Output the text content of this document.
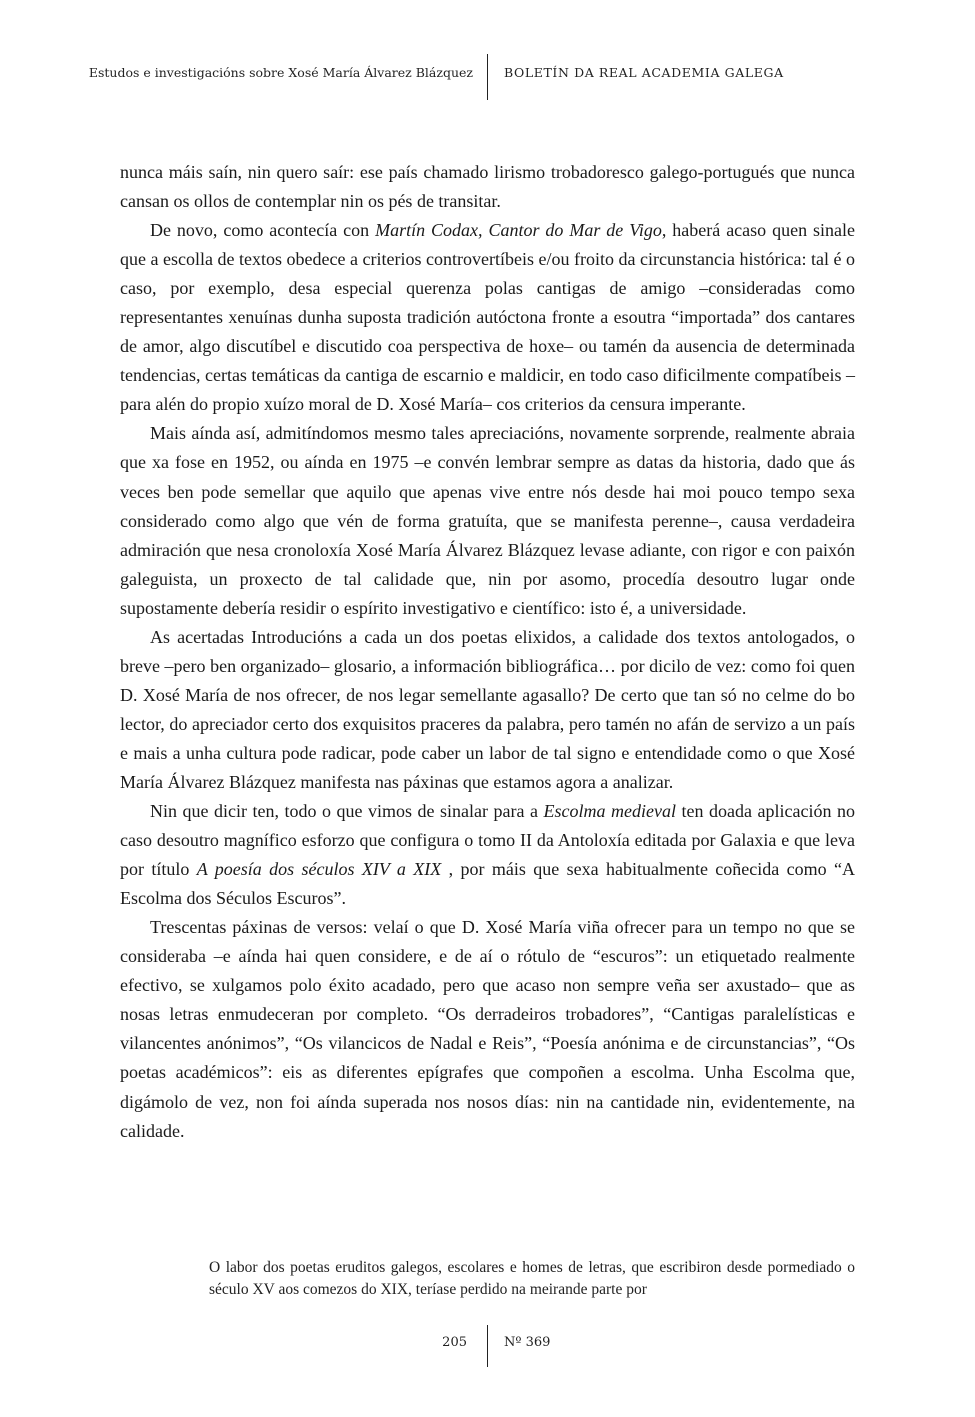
Estudos e investigacións sobre Xosé María Álvarez Blázquez BOLETÍN DA REAL ACADEMIA GALEGA

nunca máis saín, nin quero saír: ese país chamado lirismo trobadoresco galego-portugués que nunca cansan os ollos de contemplar nin os pés de transitar.

De novo, como acontecía con Martín Codax, Cantor do Mar de Vigo, haberá acaso quen sinale que a escolla de textos obedece a criterios controvertíbeis e/ou froito da circunstancia histórica: tal é o caso, por exemplo, desa especial querenza polas cantigas de amigo –consideradas como representantes xenuínas dunha suposta tradición autóctona fronte a esoutra “importada” dos cantares de amor, algo discutíbel e discutido coa perspectiva de hoxe– ou tamén da ausencia de determinada tendencias, certas temáticas da cantiga de escarnio e maldicir, en todo caso dificilmente compatíbeis –para alén do propio xuízo moral de D. Xosé María– cos criterios da censura imperante.

Mais aínda así, admitíndomos mesmo tales apreciacións, novamente sorprende, realmente abraia que xa fose en 1952, ou aínda en 1975 –e convén lembrar sempre as datas da historia, dado que ás veces ben pode semellar que aquilo que apenas vive entre nós desde hai moi pouco tempo sexa considerado como algo que vén de forma gratuíta, que se manifesta perenne–, causa verdadeira admiración que nesa cronoloxía Xosé María Álvarez Blázquez levase adiante, con rigor e con paixón galeguista, un proxecto de tal calidade que, nin por asomo, procedía desoutro lugar onde supostamente debería residir o espírito investigativo e científico: isto é, a universidade.

As acertadas Introducións a cada un dos poetas elixidos, a calidade dos textos antologados, o breve –pero ben organizado– glosario, a información bibliográfica… por dicilo de vez: como foi quen D. Xosé María de nos ofrecer, de nos legar semellante agasallo? De certo que tan só no celme do bo lector, do apreciador certo dos exquisitos praceres da palabra, pero tamén no afán de servizo a un país e mais a unha cultura pode radicar, pode caber un labor de tal signo e entendidade como o que Xosé María Álvarez Blázquez manifesta nas páxinas que estamos agora a analizar.

Nin que dicir ten, todo o que vimos de sinalar para a Escolma medieval ten doada aplicación no caso desoutro magnífico esforzo que configura o tomo II da Antoloxía editada por Galaxia e que leva por título A poesía dos séculos XIV a XIX , por máis que sexa habitualmente coñecida como “A Escolma dos Séculos Escuros”.

Trescentas páxinas de versos: velaí o que D. Xosé María viña ofrecer para un tempo no que se consideraba –e aínda hai quen considere, e de aí o rótulo de “escuros”: un etiquetado realmente efectivo, se xulgamos polo éxito acadado, pero que acaso non sempre veña ser axustado– que as nosas letras enmudeceran por completo. “Os derradeiros trobadores”, “Cantigas paralelísticas e vilancentes anónimos”, “Os vilancicos de Nadal e Reis”, “Poesía anónima e de circunstancias”, “Os poetas académicos”: eis as diferentes epígrafes que compoñen a escolma. Unha Escolma que, digámolo de vez, non foi aínda superada nos nosos días: nin na cantidade nin, evidentemente, na calidade.

O labor dos poetas eruditos galegos, escolares e homes de letras, que escribiron desde pormediado o século XV aos comezos do XIX, teríase perdido na meirande parte por

205	Nº 369
